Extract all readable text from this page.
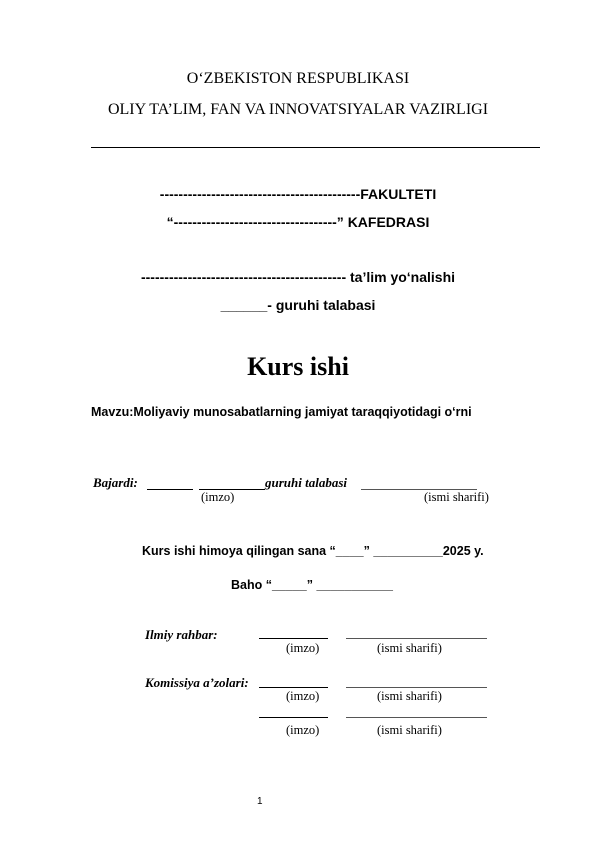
O‘ZBEKISTON RESPUBLIKASI
OLIY TA’LIM, FAN VA INNOVATSIYALAR VAZIRLIGI
-------------------------------------------FAKULTETI
“-----------------------------------” KAFEDRASI
-------------------------------------------- ta’lim yo‘nalishi
______- guruhi talabasi
Kurs ishi
Mavzu:Moliyaviy munosabatlarning jamiyat taraqqiyotidagi o‘rni
Bajardi:	guruhi talabasi
(imzo)	(ismi sharifi)
Kurs ishi himoya qilingan sana “____” __________2025 y.
Baho “_____” ___________
Ilmiy rahbar:
(imzo)	(ismi sharifi)
Komissiya a’zolari:
(imzo)	(ismi sharifi)
(imzo)	(ismi sharifi)
1
